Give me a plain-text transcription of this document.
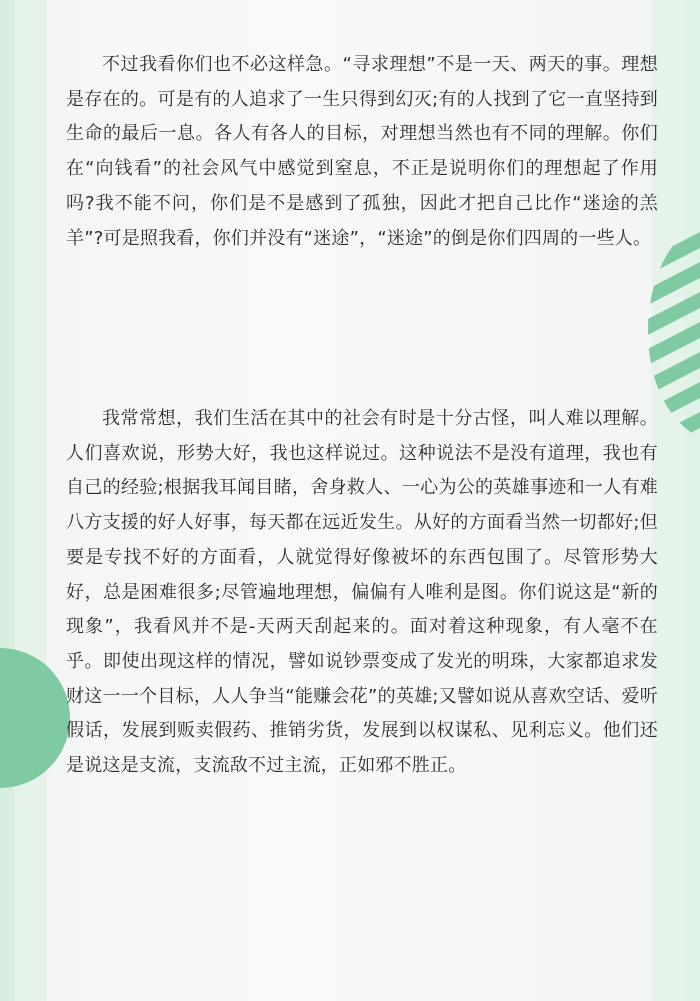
不过我看你们也不必这样急。“寻求理想”不是一天、两天的事。理想是存在的。可是有的人追求了一生只得到幻灭;有的人找到了它一直坚持到生命的最后一息。各人有各人的目标，对理想当然也有不同的理解。你们在“向钱看”的社会风气中感觉到窒息，不正是说明你们的理想起了作用吗?我不能不问，你们是不是感到了孤独，因此才把自己比作“迷途的羔羊”?可是照我看，你们并没有“迷途”，“迷途”的倒是你们四周的一些人。

我常常想，我们生活在其中的社会有时是十分古怪，叫人难以理解。人们喜欢说，形势大好，我也这样说过。这种说法不是没有道理，我也有自己的经验;根据我耳闻目睹，舍身救人、一心为公的英雄事迹和一人有难八方支援的好人好事，每天都在远近发生。从好的方面看当然一切都好;但要是专找不好的方面看，人就觉得好像被坏的东西包围了。尽管形势大好，总是困难很多;尽管遍地理想，偏偏有人唯利是图。你们说这是“新的现象”，我看风并不是-天两天刮起来的。面对着这种现象，有人毫不在乎。即使出现这样的情况，譬如说钞票变成了发光的明珠，大家都追求发财这一一个目标，人人争当“能赚会花”的英雄;又譬如说从喜欢空话、爱听假话，发展到贩卖假药、推销劣货，发展到以权谋私、见利忘义。他们还是说这是支流，支流敌不过主流，正如邪不胜正。
